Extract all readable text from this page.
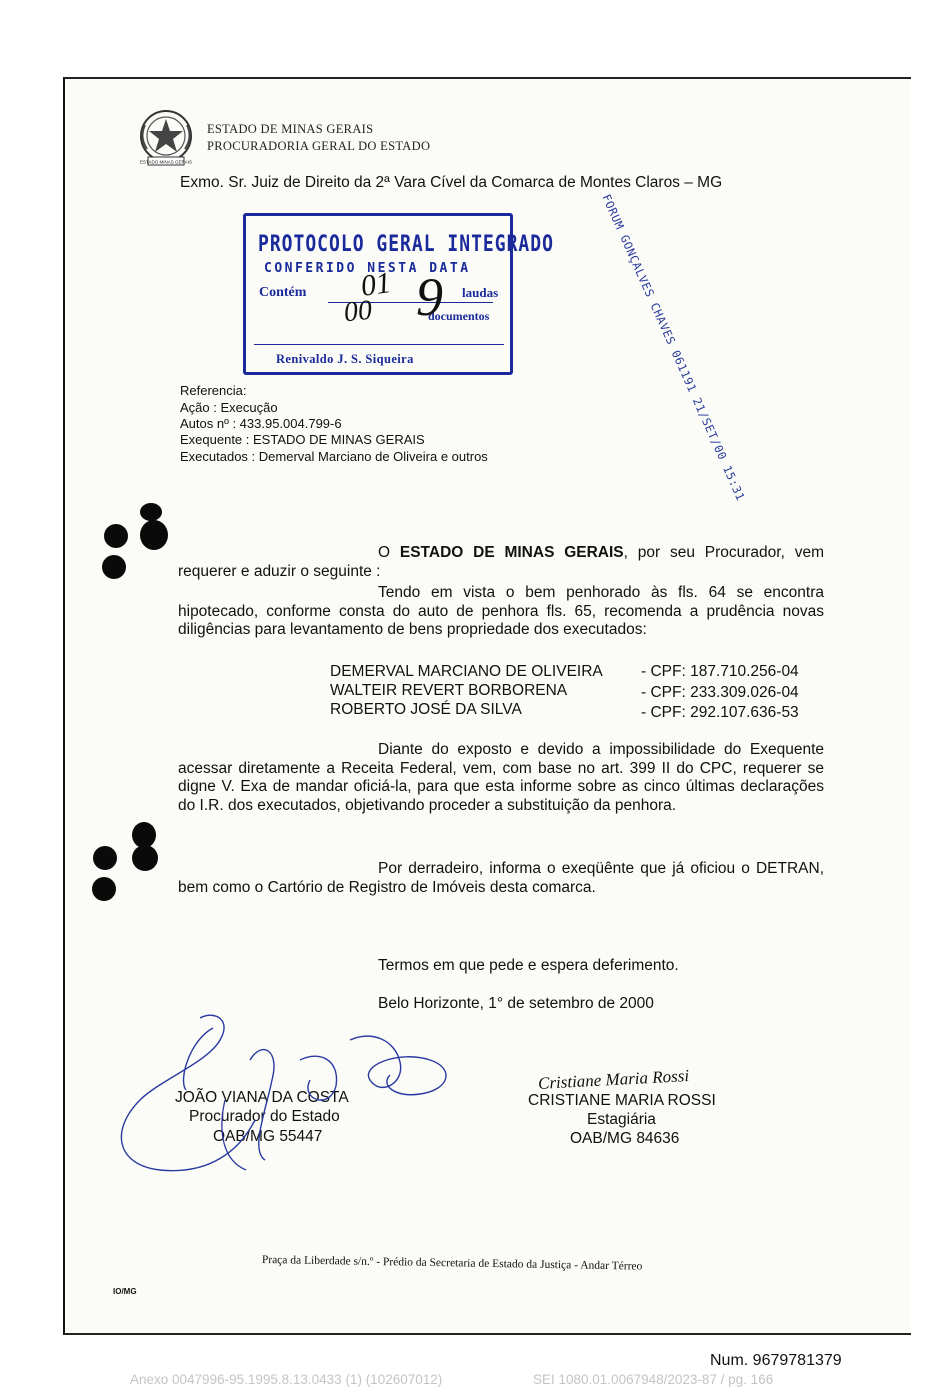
ESTADO MINAS GERAIS
ESTADO DE MINAS GERAIS
PROCURADORIA GERAL DO ESTADO
Exmo. Sr. Juiz de Direito da 2ª Vara Cível da Comarca de Montes Claros – MG
PROTOCOLO GERAL INTEGRADO
CONFERIDO NESTA DATA
Contém	laudas
documentos
Renivaldo J. S. Siqueira
01
00 9	FORUM GONÇALVES CHAVES 061191 21/SET/00 15:31
Referencia:
Ação : Execução
Autos nº : 433.95.004.799-6
Exequente : ESTADO DE MINAS GERAIS
Executados : Demerval Marciano de Oliveira e outros
O ESTADO DE MINAS GERAIS, por seu Procurador, vem requerer e aduzir o seguinte :
Tendo em vista o bem penhorado às fls. 64 se encontra hipotecado, conforme consta do auto de penhora fls. 65, recomenda a prudência novas diligências para levantamento de bens propriedade dos executados:
DEMERVAL MARCIANO DE OLIVEIRA - CPF: 187.710.256-04
WALTEIR REVERT BORBORENA	- CPF: 233.309.026-04
ROBERTO JOSÉ DA SILVA	- CPF: 292.107.636-53
Diante do exposto e devido a impossibilidade do Exequente acessar diretamente a Receita Federal, vem, com base no art. 399 II do CPC, requerer se digne V. Exa de mandar oficiá-la, para que esta informe sobre as cinco últimas declarações do I.R. dos executados, objetivando proceder a substituição da penhora.
Por derradeiro, informa o exeqüênte que já oficiou o DETRAN, bem como o Cartório de Registro de Imóveis desta comarca.
Termos em que pede e espera deferimento.
Belo Horizonte, 1° de setembro de 2000
JOÃO VIANA DA COSTA
Procurador do Estado
OAB/MG 55447
Cristiane Maria Rossi
CRISTIANE MARIA ROSSI
Estagiária
OAB/MG 84636
Praça da Liberdade s/n.º - Prédio da Secretaria de Estado da Justiça - Andar Térreo
IO/MG
Num. 9679781379
Anexo 0047996-95.1995.8.13.0433 (1) (102607012)	SEI 1080.01.0067948/2023-87 / pg. 166
